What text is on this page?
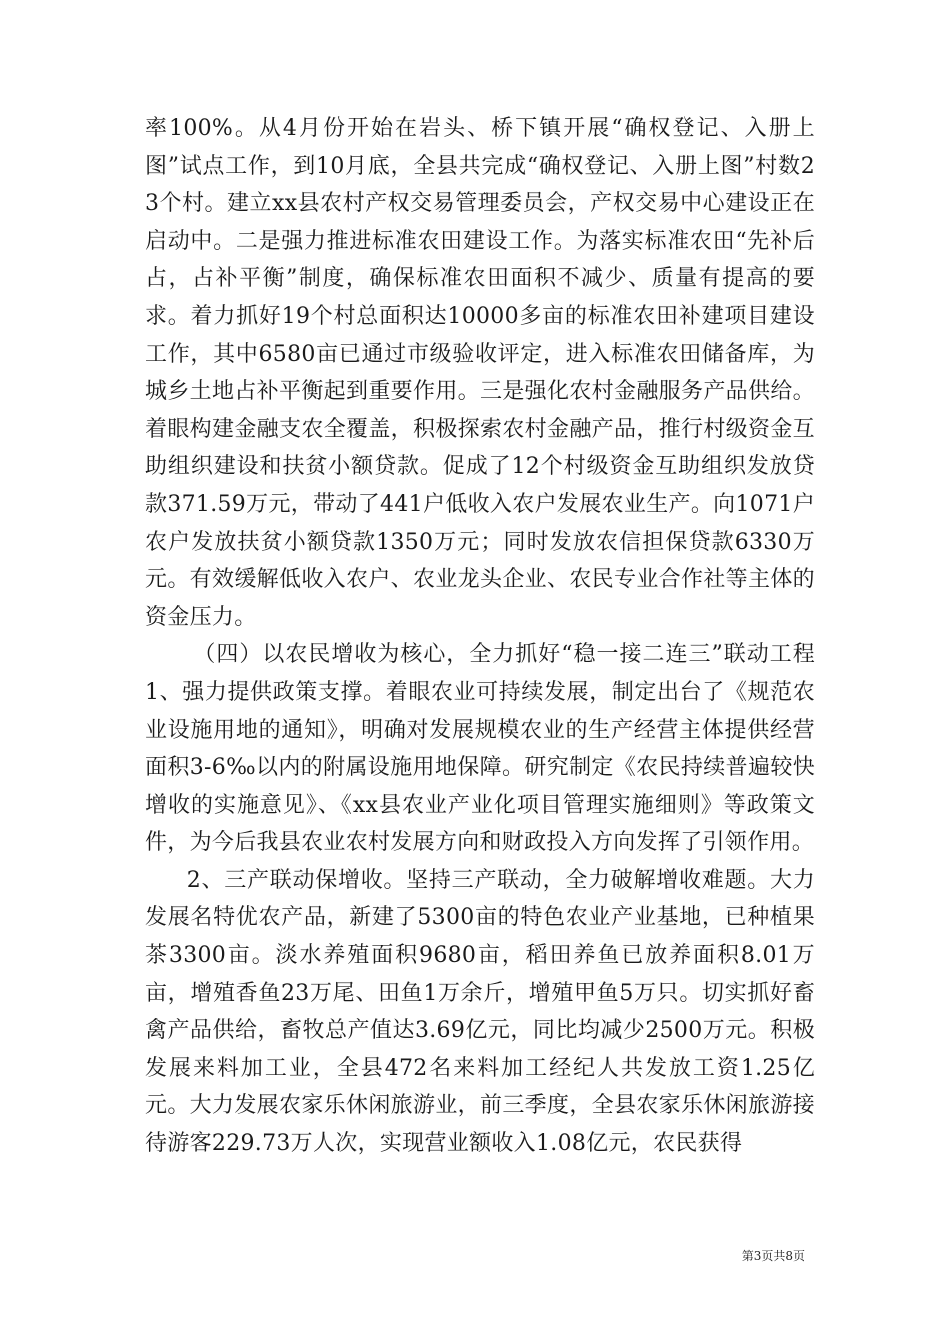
率100%。从4月份开始在岩头、桥下镇开展“确权登记、入册上图”试点工作，到10月底，全县共完成“确权登记、入册上图”村数23个村。建立xx县农村产权交易管理委员会，产权交易中心建设正在启动中。二是强力推进标准农田建设工作。为落实标准农田“先补后占，占补平衡”制度，确保标准农田面积不减少、质量有提高的要求。着力抓好19个村总面积达10000多亩的标准农田补建项目建设工作，其中6580亩已通过市级验收评定，进入标准农田储备库，为城乡土地占补平衡起到重要作用。三是强化农村金融服务产品供给。着眼构建金融支农全覆盖，积极探索农村金融产品，推行村级资金互助组织建设和扶贫小额贷款。促成了12个村级资金互助组织发放贷款371.59万元，带动了441户低收入农户发展农业生产。向1071户农户发放扶贫小额贷款1350万元；同时发放农信担保贷款6330万元。有效缓解低收入农户、农业龙头企业、农民专业合作社等主体的资金压力。

（四）以农民增收为核心，全力抓好“稳一接二连三”联动工程1、强力提供政策支撑。着眼农业可持续发展，制定出台了《规范农业设施用地的通知》，明确对发展规模农业的生产经营主体提供经营面积3-6‰以内的附属设施用地保障。研究制定《农民持续普遍较快增收的实施意见》、《xx县农业产业化项目管理实施细则》等政策文件，为今后我县农业农村发展方向和财政投入方向发挥了引领作用。

2、三产联动保增收。坚持三产联动，全力破解增收难题。大力发展名特优农产品，新建了5300亩的特色农业产业基地，已种植果茶3300亩。淡水养殖面积9680亩，稻田养鱼已放养面积8.01万亩，增殖香鱼23万尾、田鱼1万余斤，增殖甲鱼5万只。切实抓好畜禽产品供给，畜牧总产值达3.69亿元，同比均减少2500万元。积极发展来料加工业，全县472名来料加工经纪人共发放工资1.25亿元。大力发展农家乐休闲旅游业，前三季度，全县农家乐休闲旅游接待游客229.73万人次，实现营业额收入1.08亿元，农民获得

第3页共8页
